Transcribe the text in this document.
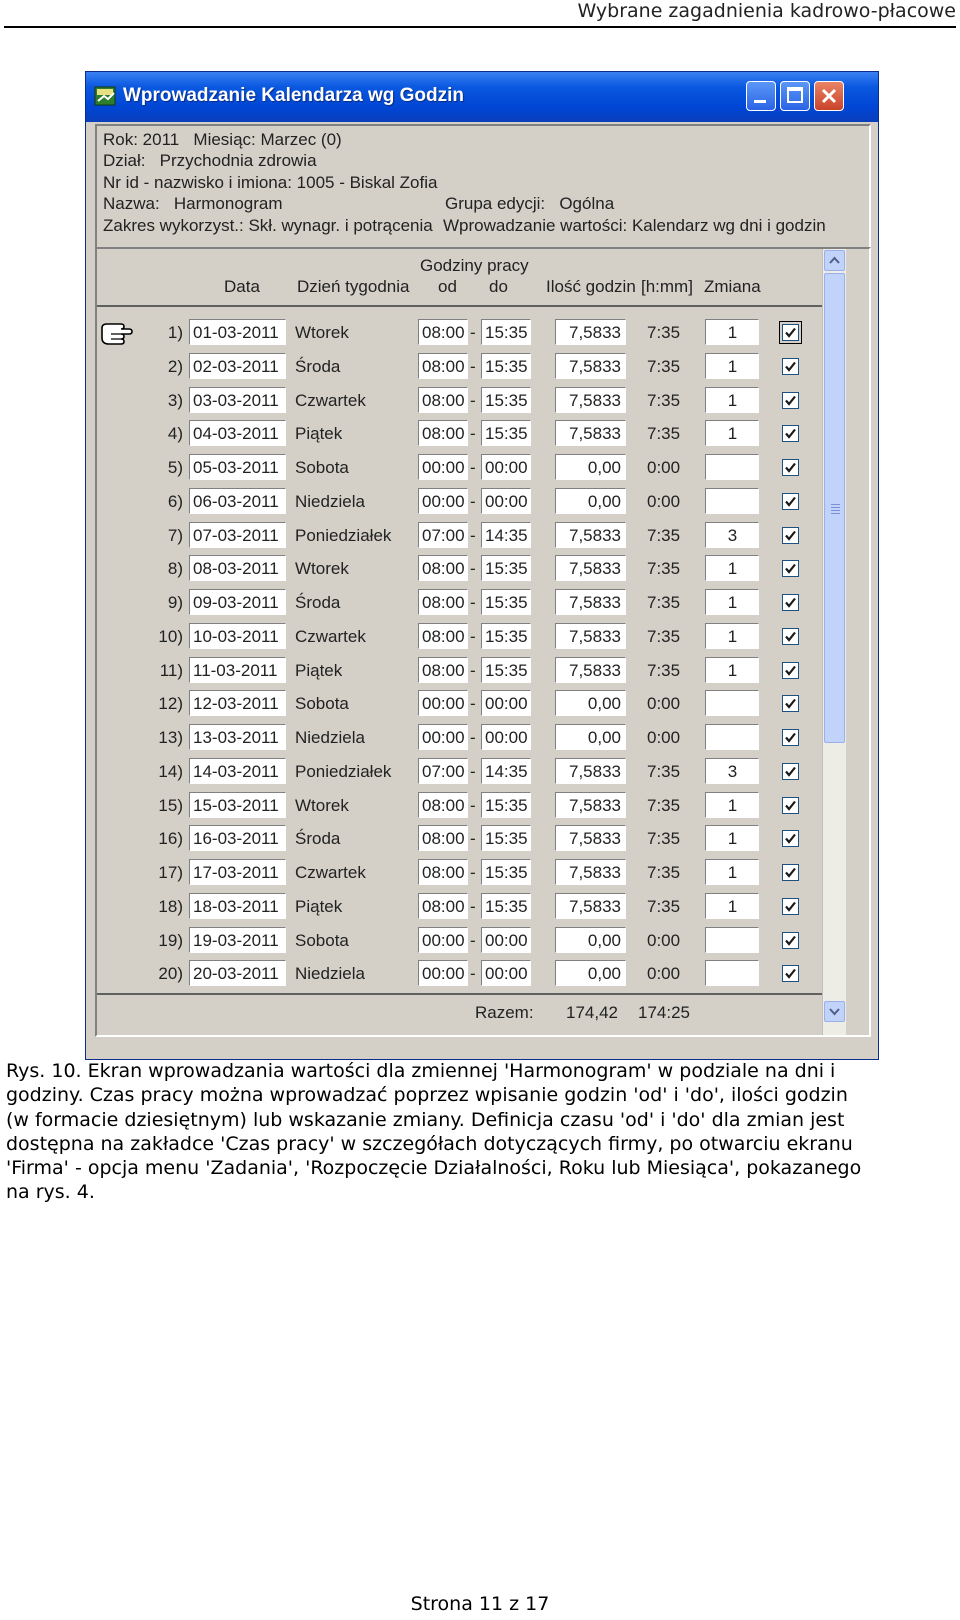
Wybrane zagadnienia kadrowo-płacowe
Wprowadzanie Kalendarza wg Godzin
Rok: 2011   Miesiąc: Marzec (0)
Dział:   Przychodnia zdrowia
Nr id - nazwisko i imiona: 1005 - Biskal Zofia
Nazwa:   Harmonogram	Grupa edycji:   Ogólna
Zakres wykorzyst.: Skł. wynagr. i potrącenia Wprowadzanie wartości: Kalendarz wg dni i godzin
Data Dzień tygodnia
Godziny pracy
od do Ilość godzin [h:mm] Zmiana
1) 01-03-2011 Wtorek	08:00 - 15:35	7,5833 7:35	1
2) 02-03-2011 Środa	08:00 - 15:35	7,5833 7:35	1
3) 03-03-2011 Czwartek	08:00 - 15:35	7,5833 7:35	1
4) 04-03-2011 Piątek	08:00 - 15:35	7,5833 7:35	1
5) 05-03-2011 Sobota	00:00 - 00:00	0,00 0:00
6) 06-03-2011 Niedziela	00:00 - 00:00	0,00 0:00
7) 07-03-2011 Poniedziałek 07:00 - 14:35	7,5833 7:35	3
8) 08-03-2011 Wtorek	08:00 - 15:35	7,5833 7:35	1
9) 09-03-2011 Środa	08:00 - 15:35	7,5833 7:35	1
10) 10-03-2011 Czwartek	08:00 - 15:35	7,5833 7:35	1
11) 11-03-2011	Piątek	08:00 - 15:35	7,5833 7:35	1
12) 12-03-2011 Sobota	00:00 - 00:00	0,00 0:00
13) 13-03-2011 Niedziela	00:00 - 00:00	0,00 0:00
14) 14-03-2011 Poniedziałek 07:00 - 14:35	7,5833 7:35	3
15) 15-03-2011 Wtorek	08:00 - 15:35	7,5833 7:35	1
16) 16-03-2011 Środa	08:00 - 15:35	7,5833 7:35	1
17) 17-03-2011 Czwartek	08:00 - 15:35	7,5833 7:35	1
18) 18-03-2011 Piątek	08:00 - 15:35	7,5833 7:35	1
19) 19-03-2011 Sobota	00:00 - 00:00	0,00 0:00
20) 20-03-2011 Niedziela	00:00 - 00:00	0,00 0:00
Razem: 174,42 174:25
Rys. 10. Ekran wprowadzania wartości dla zmiennej 'Harmonogram' w podziale na dni i
godziny. Czas pracy można wprowadzać poprzez wpisanie godzin 'od' i 'do', ilości godzin
(w formacie dziesiętnym) lub wskazanie zmiany. Definicja czasu 'od' i 'do' dla zmian jest
dostępna na zakładce 'Czas pracy' w szczegółach dotyczących firmy, po otwarciu ekranu
'Firma' - opcja menu 'Zadania', 'Rozpoczęcie Działalności, Roku lub Miesiąca', pokazanego
na rys. 4.
Strona 11 z 17
